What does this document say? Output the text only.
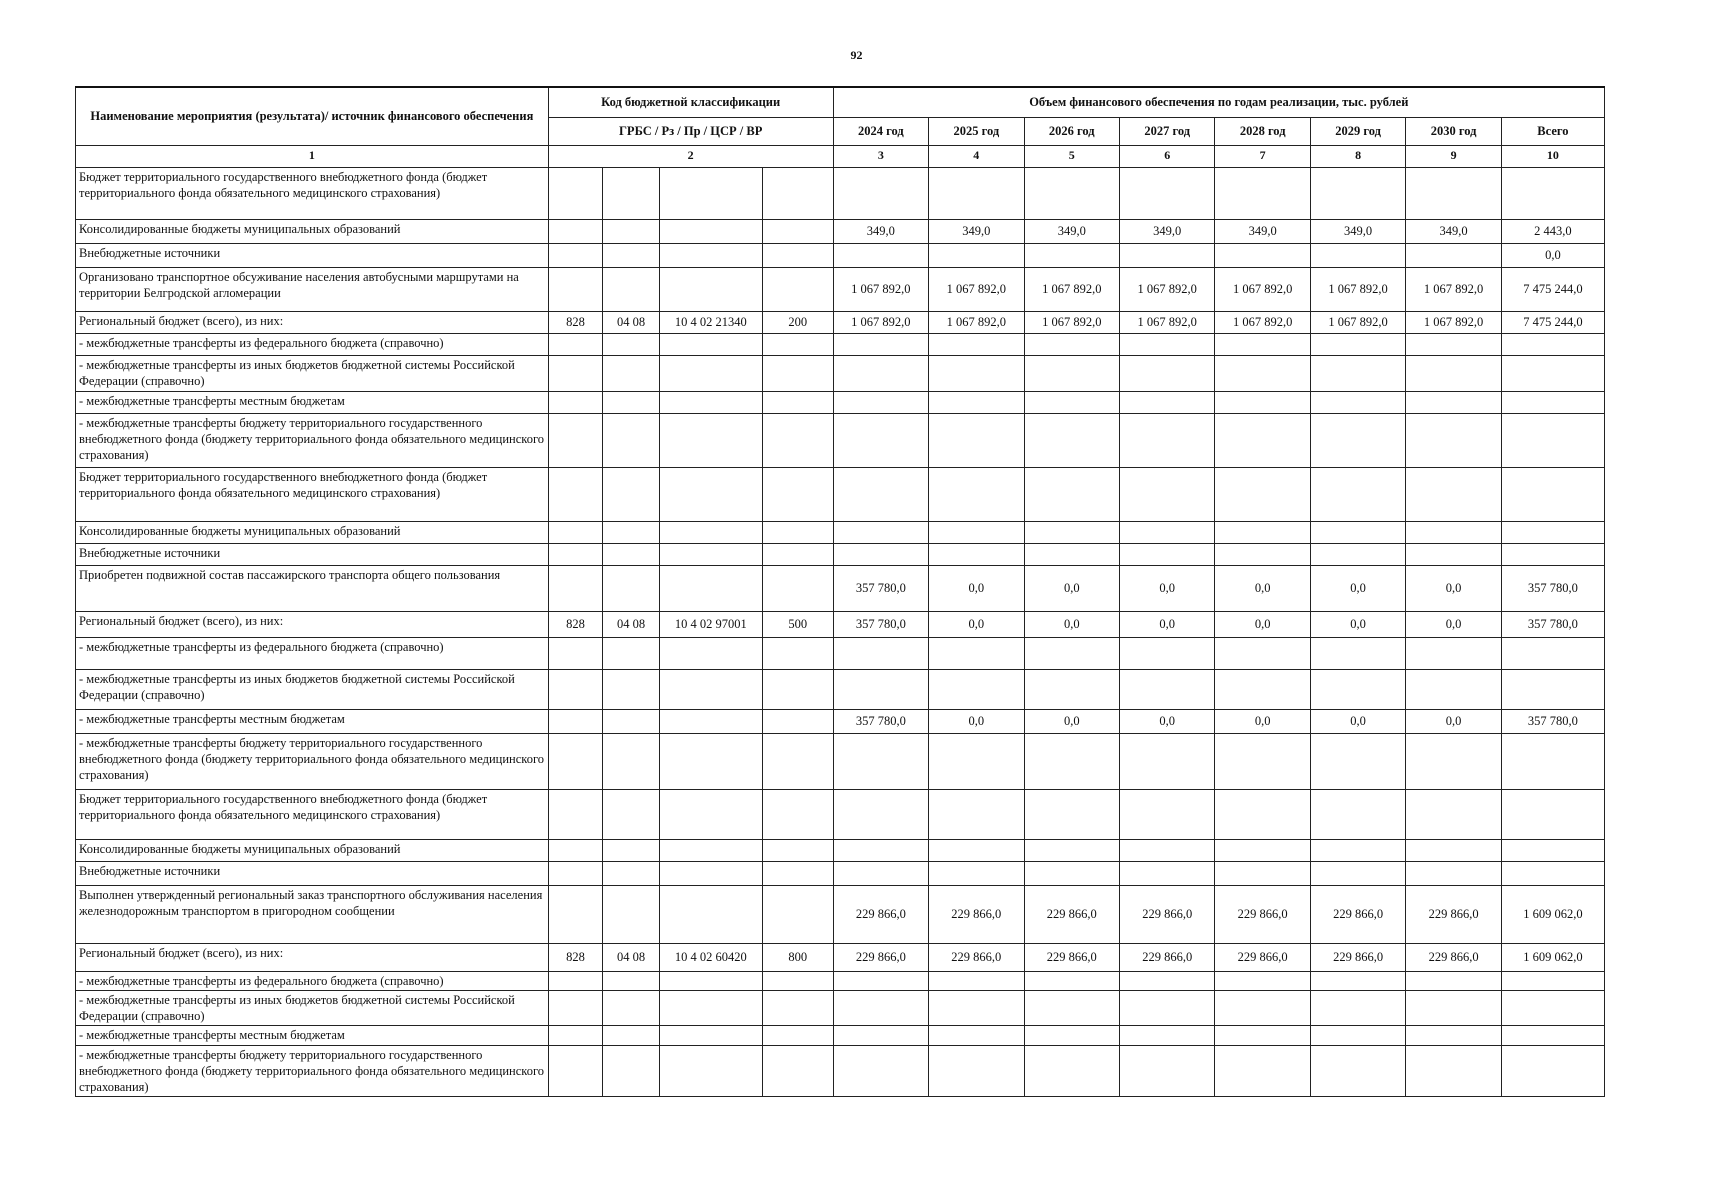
92
Наименование мероприятия (результата)/ источник финансового обеспечения	Код бюджетной классификации				Объем финансового обеспечения по годам реализации, тыс. рублей							
	ГРБС / Рз / Пр / ЦСР / ВР				2024 год	2025 год	2026 год	2027 год	2028 год	2029 год	2030 год	Всего
1	2				3	4	5	6	7	8	9	10
Бюджет территориального государственного внебюджетного фонда (бюджет территориального фонда обязательного медицинского страхования)												
Консолидированные бюджеты муниципальных образований					349,0	349,0	349,0	349,0	349,0	349,0	349,0	2 443,0
Внебюджетные источники												0,0
Организовано транспортное обсуживание населения автобусными маршрутами на территории Белгродской агломерации					1 067 892,0	1 067 892,0	1 067 892,0	1 067 892,0	1 067 892,0	1 067 892,0	1 067 892,0	7 475 244,0
Региональный бюджет (всего), из них:	828	04 08	10 4 02 21340	200	1 067 892,0	1 067 892,0	1 067 892,0	1 067 892,0	1 067 892,0	1 067 892,0	1 067 892,0	7 475 244,0
- межбюджетные трансферты из федерального бюджета (справочно)												
- межбюджетные трансферты из иных бюджетов бюджетной системы Российской Федерации (справочно)												
- межбюджетные трансферты местным бюджетам												
- межбюджетные трансферты бюджету территориального государственного внебюджетного фонда (бюджету территориального фонда обязательного медицинского страхования)												
Бюджет территориального государственного внебюджетного фонда (бюджет территориального фонда обязательного медицинского страхования)												
Консолидированные бюджеты муниципальных образований												
Внебюджетные источники												
Приобретен подвижной состав пассажирского транспорта общего пользования					357 780,0	0,0	0,0	0,0	0,0	0,0	0,0	357 780,0
Региональный бюджет (всего), из них:	828	04 08	10 4 02 97001	500	357 780,0	0,0	0,0	0,0	0,0	0,0	0,0	357 780,0
- межбюджетные трансферты из федерального бюджета (справочно)												
- межбюджетные трансферты из иных бюджетов бюджетной системы Российской Федерации (справочно)												
- межбюджетные трансферты местным бюджетам					357 780,0	0,0	0,0	0,0	0,0	0,0	0,0	357 780,0
- межбюджетные трансферты бюджету территориального государственного внебюджетного фонда (бюджету территориального фонда обязательного медицинского страхования)												
Бюджет территориального государственного внебюджетного фонда (бюджет территориального фонда обязательного медицинского страхования)												
Консолидированные бюджеты муниципальных образований												
Внебюджетные источники												
Выполнен утвержденный региональный заказ транспортного обслуживания населения железнодорожным транспортом в пригородном сообщении					229 866,0	229 866,0	229 866,0	229 866,0	229 866,0	229 866,0	229 866,0	1 609 062,0
Региональный бюджет (всего), из них:	828	04 08	10 4 02 60420	800	229 866,0	229 866,0	229 866,0	229 866,0	229 866,0	229 866,0	229 866,0	1 609 062,0
- межбюджетные трансферты из федерального бюджета (справочно)												
- межбюджетные трансферты из иных бюджетов бюджетной системы Российской Федерации (справочно)												
- межбюджетные трансферты местным бюджетам												
- межбюджетные трансферты бюджету территориального государственного внебюджетного фонда (бюджету территориального фонда обязательного медицинского страхования)												
